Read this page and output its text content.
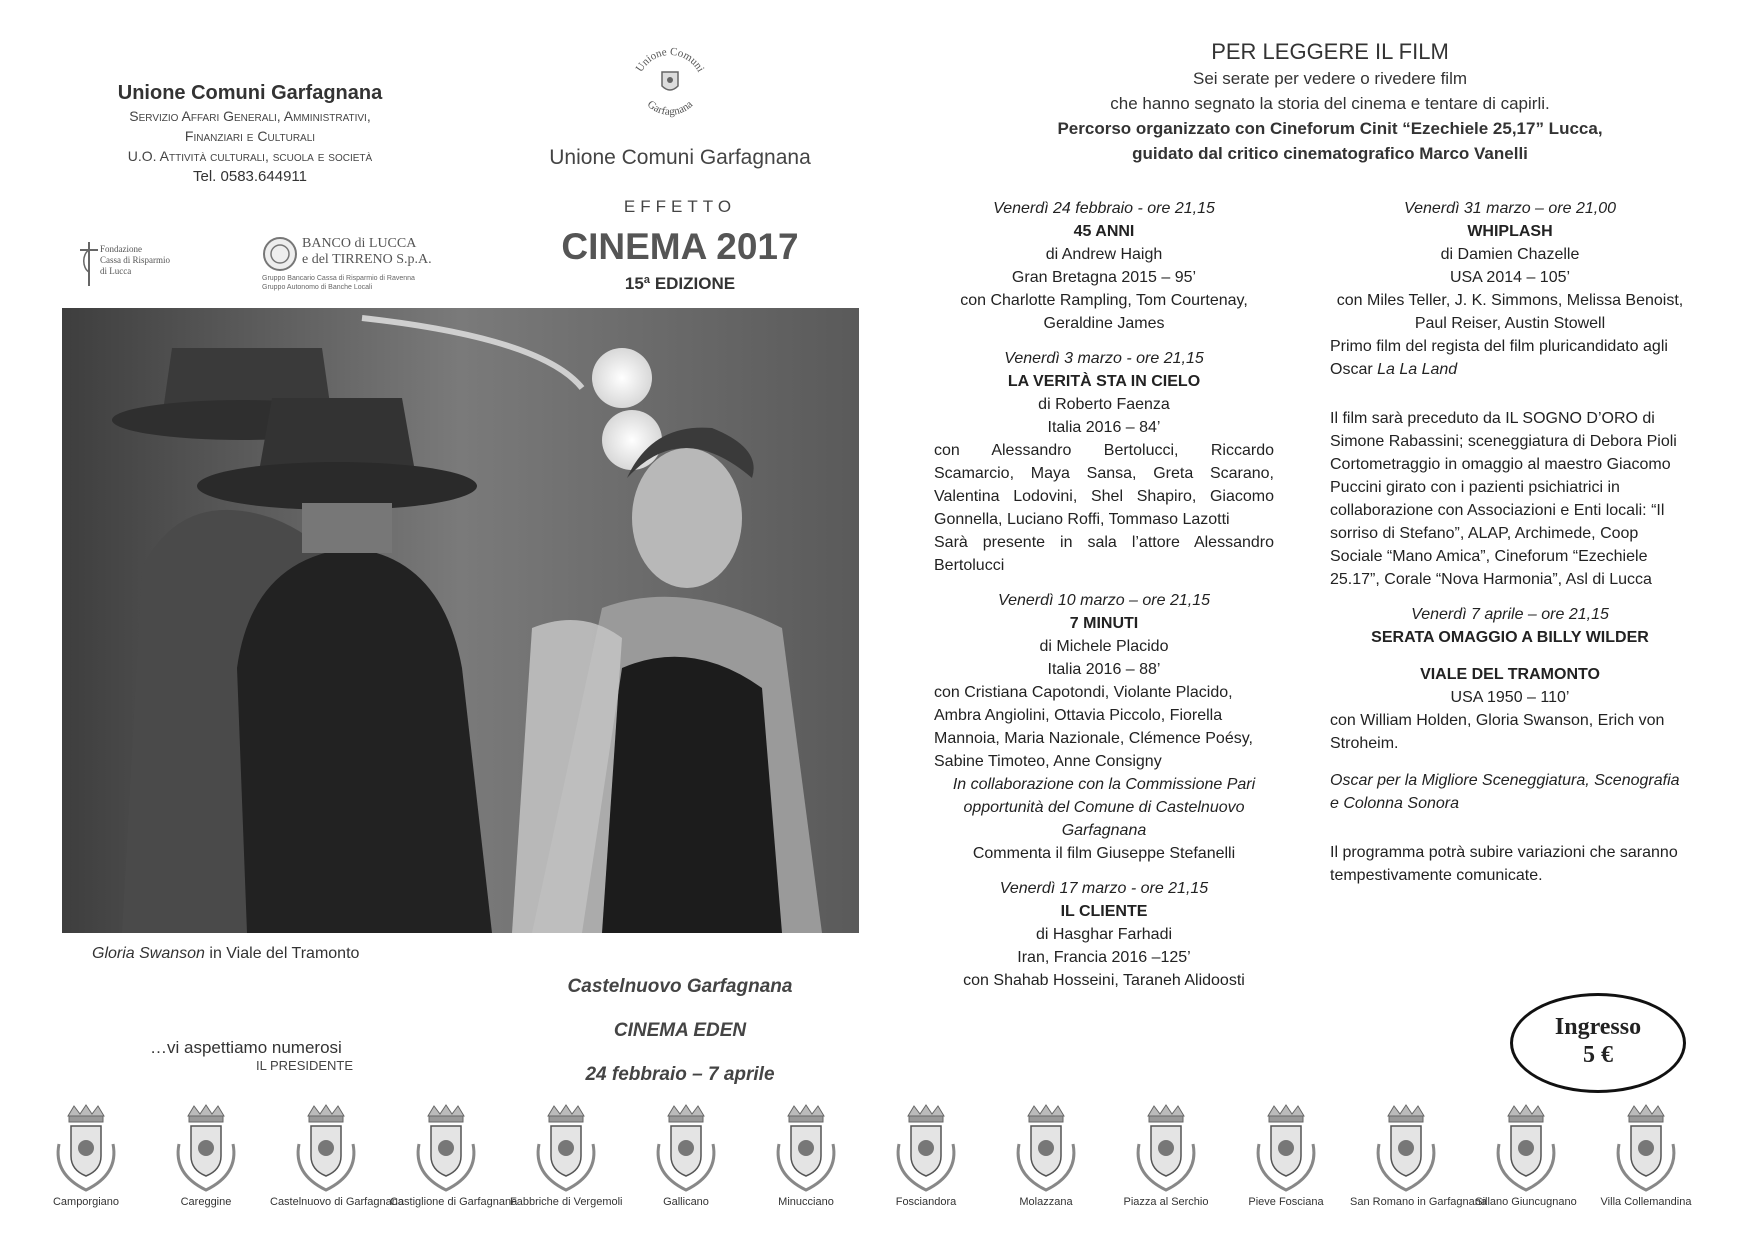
Unione Comuni Garfagnana
Servizio Affari Generali, Amministrativi,
Finanziari e Culturali
U.O. Attività culturali, scuola e società
Tel. 0583.644911
Fondazione
Cassa di Risparmio
di Lucca
BANCO di LUCCA
e del TIRRENO S.p.A.
Gruppo Bancario Cassa di Risparmio di Ravenna
Gruppo Autonomo di Banche Locali
Unione Comuni
Garfagnana
Unione Comuni Garfagnana
EFFETTO
CINEMA 2017
15ª EDIZIONE
Gloria Swanson in Viale del Tramonto
Castelnuovo Garfagnana
CINEMA EDEN
24 febbraio – 7 aprile
…vi aspettiamo numerosi
IL PRESIDENTE
PER LEGGERE IL FILM
Sei serate per vedere o rivedere film
che hanno segnato la storia del cinema e tentare di capirli.
Percorso organizzato con Cineforum Cinit “Ezechiele 25,17” Lucca,
guidato dal critico cinematografico Marco Vanelli
Venerdì 24 febbraio - ore 21,15
45 ANNI
di Andrew Haigh
Gran Bretagna 2015 – 95’
con Charlotte Rampling, Tom Courtenay, Geraldine James
Venerdì 3 marzo - ore 21,15
LA VERITÀ STA IN CIELO
di Roberto Faenza
Italia 2016 – 84’
con Alessandro Bertolucci, Riccardo Scamarcio, Maya Sansa, Greta Scarano, Valentina Lodovini, Shel Shapiro, Giacomo Gonnella, Luciano Roffi, Tommaso Lazotti
Sarà presente in sala l’attore Alessandro Bertolucci
Venerdì 10 marzo – ore 21,15
7 MINUTI
di Michele Placido
Italia 2016 – 88’
con Cristiana Capotondi, Violante Placido, Ambra Angiolini, Ottavia Piccolo, Fiorella Mannoia, Maria Nazionale, Clémence Poésy, Sabine Timoteo, Anne Consigny
In collaborazione con la Commissione Pari opportunità del Comune di Castelnuovo Garfagnana
Commenta il film Giuseppe Stefanelli
Venerdì 17 marzo - ore 21,15
IL CLIENTE
di Hasghar Farhadi
Iran, Francia 2016 –125’
con Shahab Hosseini, Taraneh Alidoosti
Venerdì 31 marzo – ore 21,00
WHIPLASH
di Damien Chazelle
USA 2014 – 105’
con Miles Teller, J. K. Simmons, Melissa Benoist, Paul Reiser, Austin Stowell
Primo film del regista del film pluricandidato agli Oscar La La Land
Il film sarà preceduto da IL SOGNO D’ORO di Simone Rabassini; sceneggiatura di Debora Pioli
Cortometraggio in omaggio al maestro Giacomo Puccini girato con i pazienti psichiatrici in collaborazione con Associazioni e Enti locali: “Il sorriso di Stefano”, ALAP, Archimede, Coop Sociale “Mano Amica”, Cineforum “Ezechiele 25.17”, Corale “Nova Harmonia”, Asl di Lucca
Venerdì 7 aprile – ore 21,15
SERATA OMAGGIO A BILLY WILDER
VIALE DEL TRAMONTO
USA 1950 – 110’
con William Holden, Gloria Swanson, Erich von Stroheim.
Oscar per la Migliore Sceneggiatura, Scenografia e Colonna Sonora
Il programma potrà subire variazioni che saranno tempestivamente comunicate.
Ingresso
5 €
Camporgiano	Careggine	Castelnuovo di Garfagnana
Castiglione di Garfagnana
Fabbriche di Vergemoli	Gallicano	Minucciano	Fosciandora	Molazzana	Piazza al Serchio	Pieve Fosciana	San Romano in Garfagnana
Sillano Giuncugnano	Villa Collemandina
